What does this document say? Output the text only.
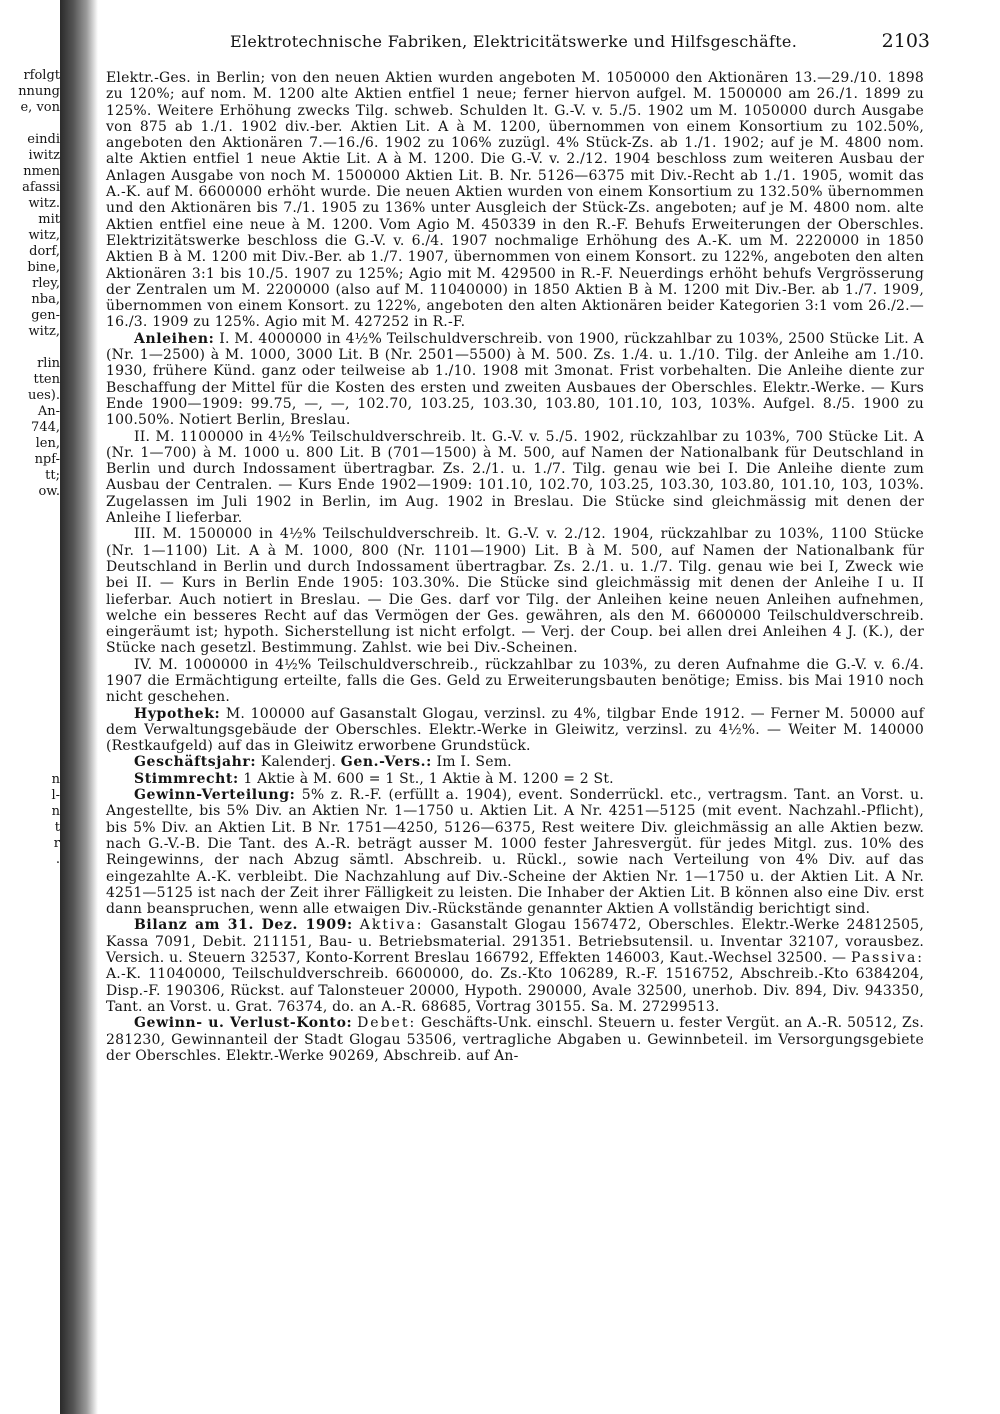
rfolgt
nnung
e, von
eindi
iwitz
nmen
afassi
witz.
mit
witz,
dorf,
bine,
rley,
nba,
gen-
witz,
rlin
tten
ues).
An-
744,
len,
npf-
tt;
ow.
n
l-
n
t
r
.
Elektrotechnische Fabriken, Elektricitätswerke und Hilfsgeschäfte.	2103

Elektr.-Ges. in Berlin; von den neuen Aktien wurden angeboten M. 1050000 den Aktionären 13.—29./10. 1898 zu 120%; auf nom. M. 1200 alte Aktien entfiel 1 neue; ferner hiervon aufgel. M. 1500000 am 26./1. 1899 zu 125%. Weitere Erhöhung zwecks Tilg. schweb. Schulden lt. G.-V. v. 5./5. 1902 um M. 1050000 durch Ausgabe von 875 ab 1./1. 1902 div.-ber. Aktien Lit. A à M. 1200, übernommen von einem Konsortium zu 102.50%, angeboten den Aktionären 7.—16./6. 1902 zu 106% zuzügl. 4% Stück-Zs. ab 1./1. 1902; auf je M. 4800 nom. alte Aktien entfiel 1 neue Aktie Lit. A à M. 1200. Die G.-V. v. 2./12. 1904 beschloss zum weiteren Ausbau der Anlagen Ausgabe von noch M. 1500000 Aktien Lit. B. Nr. 5126—6375 mit Div.-Recht ab 1./1. 1905, womit das A.-K. auf M. 6600000 erhöht wurde. Die neuen Aktien wurden von einem Konsortium zu 132.50% übernommen und den Aktionären bis 7./1. 1905 zu 136% unter Ausgleich der Stück-Zs. angeboten; auf je M. 4800 nom. alte Aktien entfiel eine neue à M. 1200. Vom Agio M. 450339 in den R.-F. Behufs Erweiterungen der Oberschles. Elektrizitätswerke beschloss die G.-V. v. 6./4. 1907 nochmalige Erhöhung des A.-K. um M. 2220000 in 1850 Aktien B à M. 1200 mit Div.-Ber. ab 1./7. 1907, übernommen von einem Konsort. zu 122%, angeboten den alten Aktionären 3:1 bis 10./5. 1907 zu 125%; Agio mit M. 429500 in R.-F. Neuerdings erhöht behufs Vergrösserung der Zentralen um M. 2200000 (also auf M. 11040000) in 1850 Aktien B à M. 1200 mit Div.-Ber. ab 1./7. 1909, übernommen von einem Konsort. zu 122%, angeboten den alten Aktionären beider Kategorien 3:1 vom 26./2.—16./3. 1909 zu 125%. Agio mit M. 427252 in R.-F.

Anleihen: I. M. 4000000 in 4½% Teilschuldverschreib. von 1900, rückzahlbar zu 103%, 2500 Stücke Lit. A (Nr. 1—2500) à M. 1000, 3000 Lit. B (Nr. 2501—5500) à M. 500. Zs. 1./4. u. 1./10. Tilg. der Anleihe am 1./10. 1930, frühere Künd. ganz oder teilweise ab 1./10. 1908 mit 3monat. Frist vorbehalten. Die Anleihe diente zur Beschaffung der Mittel für die Kosten des ersten und zweiten Ausbaues der Oberschles. Elektr.-Werke. — Kurs Ende 1900—1909: 99.75, —, —, 102.70, 103.25, 103.30, 103.80, 101.10, 103, 103%. Aufgel. 8./5. 1900 zu 100.50%. Notiert Berlin, Breslau.

II. M. 1100000 in 4½% Teilschuldverschreib. lt. G.-V. v. 5./5. 1902, rückzahlbar zu 103%, 700 Stücke Lit. A (Nr. 1—700) à M. 1000 u. 800 Lit. B (701—1500) à M. 500, auf Namen der Nationalbank für Deutschland in Berlin und durch Indossament übertragbar. Zs. 2./1. u. 1./7. Tilg. genau wie bei I. Die Anleihe diente zum Ausbau der Centralen. — Kurs Ende 1902—1909: 101.10, 102.70, 103.25, 103.30, 103.80, 101.10, 103, 103%. Zugelassen im Juli 1902 in Berlin, im Aug. 1902 in Breslau. Die Stücke sind gleichmässig mit denen der Anleihe I lieferbar.

III. M. 1500000 in 4½% Teilschuldverschreib. lt. G.-V. v. 2./12. 1904, rückzahlbar zu 103%, 1100 Stücke (Nr. 1—1100) Lit. A à M. 1000, 800 (Nr. 1101—1900) Lit. B à M. 500, auf Namen der Nationalbank für Deutschland in Berlin und durch Indossament übertragbar. Zs. 2./1. u. 1./7. Tilg. genau wie bei I, Zweck wie bei II. — Kurs in Berlin Ende 1905: 103.30%. Die Stücke sind gleichmässig mit denen der Anleihe I u. II lieferbar. Auch notiert in Breslau. — Die Ges. darf vor Tilg. der Anleihen keine neuen Anleihen aufnehmen, welche ein besseres Recht auf das Vermögen der Ges. gewähren, als den M. 6600000 Teilschuldverschreib. eingeräumt ist; hypoth. Sicherstellung ist nicht erfolgt. — Verj. der Coup. bei allen drei Anleihen 4 J. (K.), der Stücke nach gesetzl. Bestimmung. Zahlst. wie bei Div.-Scheinen.

IV. M. 1000000 in 4½% Teilschuldverschreib., rückzahlbar zu 103%, zu deren Aufnahme die G.-V. v. 6./4. 1907 die Ermächtigung erteilte, falls die Ges. Geld zu Erweiterungsbauten benötige; Emiss. bis Mai 1910 noch nicht geschehen.

Hypothek: M. 100000 auf Gasanstalt Glogau, verzinsl. zu 4%, tilgbar Ende 1912. — Ferner M. 50000 auf dem Verwaltungsgebäude der Oberschles. Elektr.-Werke in Gleiwitz, verzinsl. zu 4½%. — Weiter M. 140000 (Restkaufgeld) auf das in Gleiwitz erworbene Grundstück.

Geschäftsjahr: Kalenderj. Gen.-Vers.: Im I. Sem.

Stimmrecht: 1 Aktie à M. 600 = 1 St., 1 Aktie à M. 1200 = 2 St.

Gewinn-Verteilung: 5% z. R.-F. (erfüllt a. 1904), event. Sonderrückl. etc., vertragsm. Tant. an Vorst. u. Angestellte, bis 5% Div. an Aktien Nr. 1—1750 u. Aktien Lit. A Nr. 4251—5125 (mit event. Nachzahl.-Pflicht), bis 5% Div. an Aktien Lit. B Nr. 1751—4250, 5126—6375, Rest weitere Div. gleichmässig an alle Aktien bezw. nach G.-V.-B. Die Tant. des A.-R. beträgt ausser M. 1000 fester Jahresvergüt. für jedes Mitgl. zus. 10% des Reingewinns, der nach Abzug sämtl. Abschreib. u. Rückl., sowie nach Verteilung von 4% Div. auf das eingezahlte A.-K. verbleibt. Die Nachzahlung auf Div.-Scheine der Aktien Nr. 1—1750 u. der Aktien Lit. A Nr. 4251—5125 ist nach der Zeit ihrer Fälligkeit zu leisten. Die Inhaber der Aktien Lit. B können also eine Div. erst dann beanspruchen, wenn alle etwaigen Div.-Rückstände genannter Aktien A vollständig berichtigt sind.

Bilanz am 31. Dez. 1909: Aktiva: Gasanstalt Glogau 1567472, Oberschles. Elektr.-Werke 24812505, Kassa 7091, Debit. 211151, Bau- u. Betriebsmaterial. 291351. Betriebsutensil. u. Inventar 32107, vorausbez. Versich. u. Steuern 32537, Konto-Korrent Breslau 166792, Effekten 146003, Kaut.-Wechsel 32500. — Passiva: A.-K. 11040000, Teilschuldverschreib. 6600000, do. Zs.-Kto 106289, R.-F. 1516752, Abschreib.-Kto 6384204, Disp.-F. 190306, Rückst. auf Talonsteuer 20000, Hypoth. 290000, Avale 32500, unerhob. Div. 894, Div. 943350, Tant. an Vorst. u. Grat. 76374, do. an A.-R. 68685, Vortrag 30155. Sa. M. 27299513.

Gewinn- u. Verlust-Konto: Debet: Geschäfts-Unk. einschl. Steuern u. fester Vergüt. an A.-R. 50512, Zs. 281230, Gewinnanteil der Stadt Glogau 53506, vertragliche Abgaben u. Gewinnbeteil. im Versorgungsgebiete der Oberschles. Elektr.-Werke 90269, Abschreib. auf An-
